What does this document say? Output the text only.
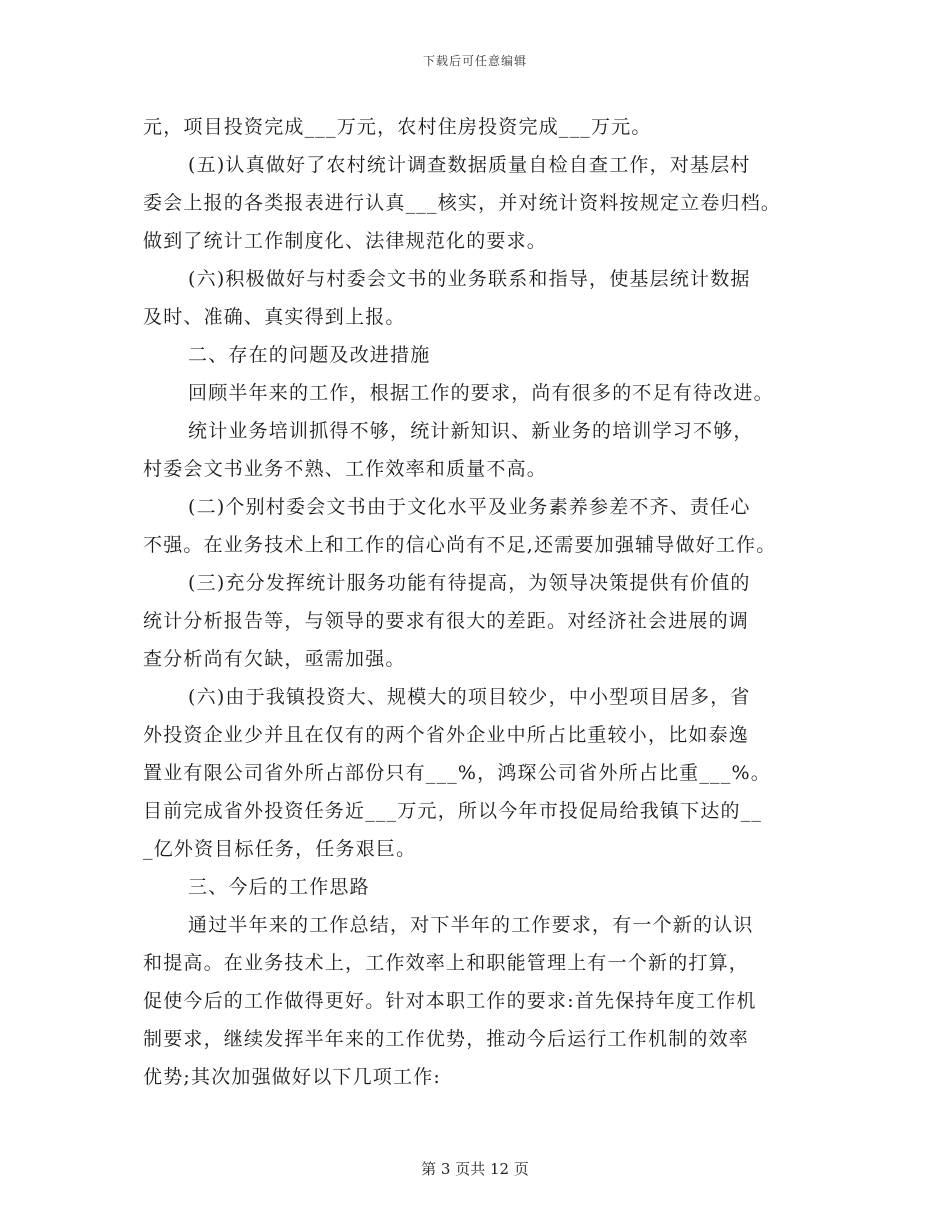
下载后可任意编辑
元，项目投资完成___万元，农村住房投资完成___万元。
(五)认真做好了农村统计调查数据质量自检自查工作，对基层村
委会上报的各类报表进行认真___核实，并对统计资料按规定立卷归档。
做到了统计工作制度化、法律规范化的要求。
(六)积极做好与村委会文书的业务联系和指导，使基层统计数据
及时、准确、真实得到上报。
二、存在的问题及改进措施
回顾半年来的工作，根据工作的要求，尚有很多的不足有待改进。
统计业务培训抓得不够，统计新知识、新业务的培训学习不够，
村委会文书业务不熟、工作效率和质量不高。
(二)个别村委会文书由于文化水平及业务素养参差不齐、责任心
不强。在业务技术上和工作的信心尚有不足,还需要加强辅导做好工作。
(三)充分发挥统计服务功能有待提高，为领导决策提供有价值的
统计分析报告等，与领导的要求有很大的差距。对经济社会进展的调
查分析尚有欠缺，亟需加强。
(六)由于我镇投资大、规模大的项目较少，中小型项目居多，省
外投资企业少并且在仅有的两个省外企业中所占比重较小，比如泰逸
置业有限公司省外所占部份只有___%，鸿琛公司省外所占比重___%。
目前完成省外投资任务近___万元，所以今年市投促局给我镇下达的__
_亿外资目标任务，任务艰巨。
三、今后的工作思路
通过半年来的工作总结，对下半年的工作要求，有一个新的认识
和提高。在业务技术上，工作效率上和职能管理上有一个新的打算，
促使今后的工作做得更好。针对本职工作的要求:首先保持年度工作机
制要求，继续发挥半年来的工作优势，推动今后运行工作机制的效率
优势;其次加强做好以下几项工作:
第 3 页共 12 页
